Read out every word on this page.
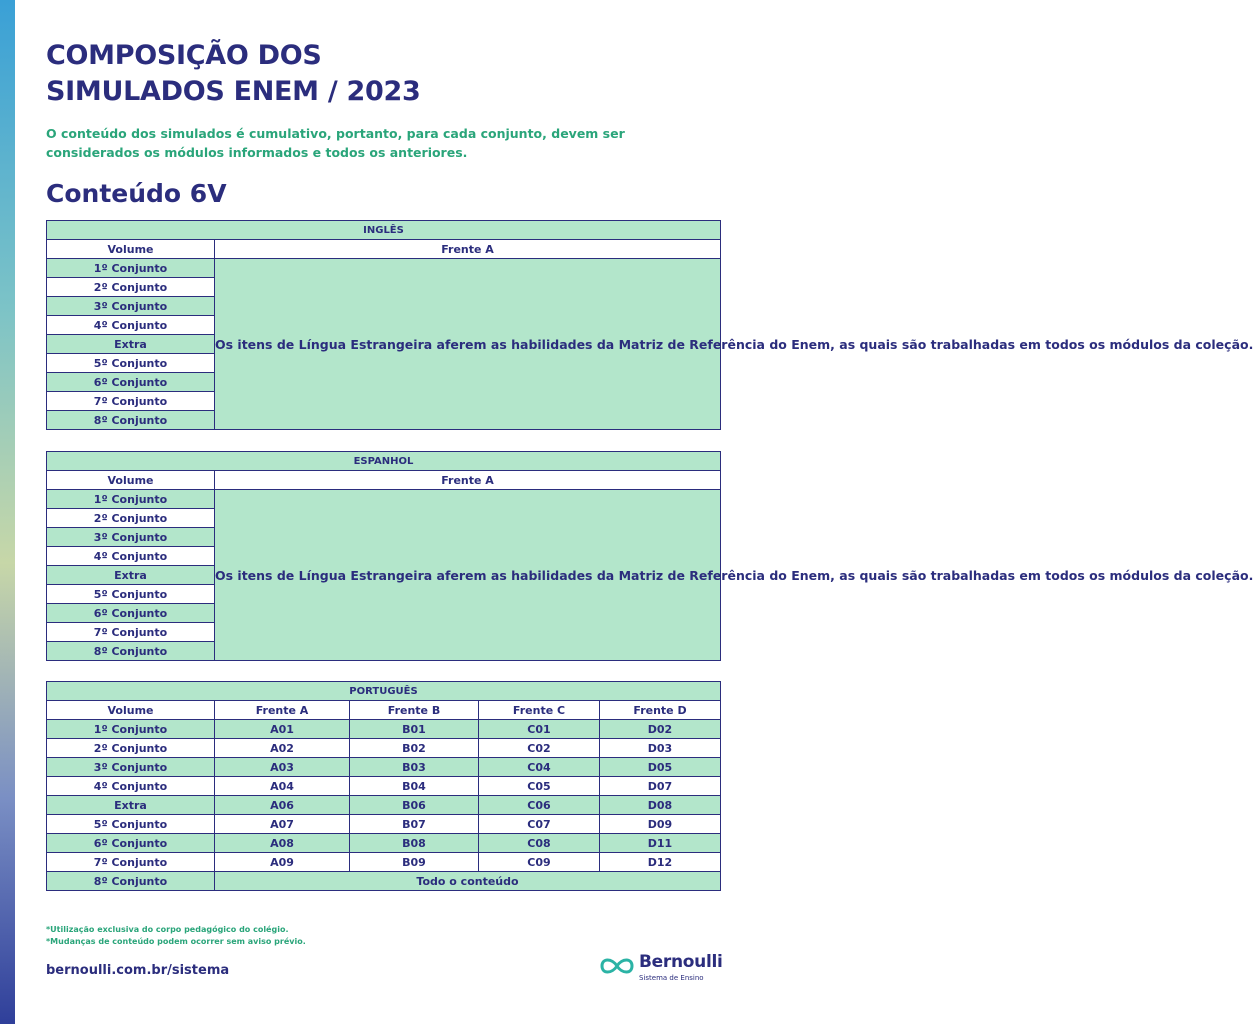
COMPOSIÇÃO DOS
SIMULADOS ENEM / 2023

O conteúdo dos simulados é cumulativo, portanto, para cada conjunto, devem ser considerados os módulos informados e todos os anteriores.

Conteúdo 6V
INGLÊS	
Volume	Frente A
1º Conjunto	Os itens de Língua Estrangeira aferem as habilidades da Matriz de Referência do Enem, as quais são trabalhadas em todos os módulos da coleção.
2º Conjunto	
3º Conjunto	
4º Conjunto	
Extra	
5º Conjunto	
6º Conjunto	
7º Conjunto	
8º Conjunto	
ESPANHOL	
Volume	Frente A
1º Conjunto	Os itens de Língua Estrangeira aferem as habilidades da Matriz de Referência do Enem, as quais são trabalhadas em todos os módulos da coleção.
2º Conjunto	
3º Conjunto	
4º Conjunto	
Extra	
5º Conjunto	
6º Conjunto	
7º Conjunto	
8º Conjunto	
PORTUGUÊS				
Volume	Frente A	Frente B	Frente C	Frente D
1º Conjunto	A01	B01	C01	D02
2º Conjunto	A02	B02	C02	D03
3º Conjunto	A03	B03	C04	D05
4º Conjunto	A04	B04	C05	D07
Extra	A06	B06	C06	D08
5º Conjunto	A07	B07	C07	D09
6º Conjunto	A08	B08	C08	D11
7º Conjunto	A09	B09	C09	D12
8º Conjunto	Todo o conteúdo			

*Utilização exclusiva do corpo pedagógico do colégio.
*Mudanças de conteúdo podem ocorrer sem aviso prévio.

bernoulli.com.br/sistema	Bernoulli
Sistema de Ensino
